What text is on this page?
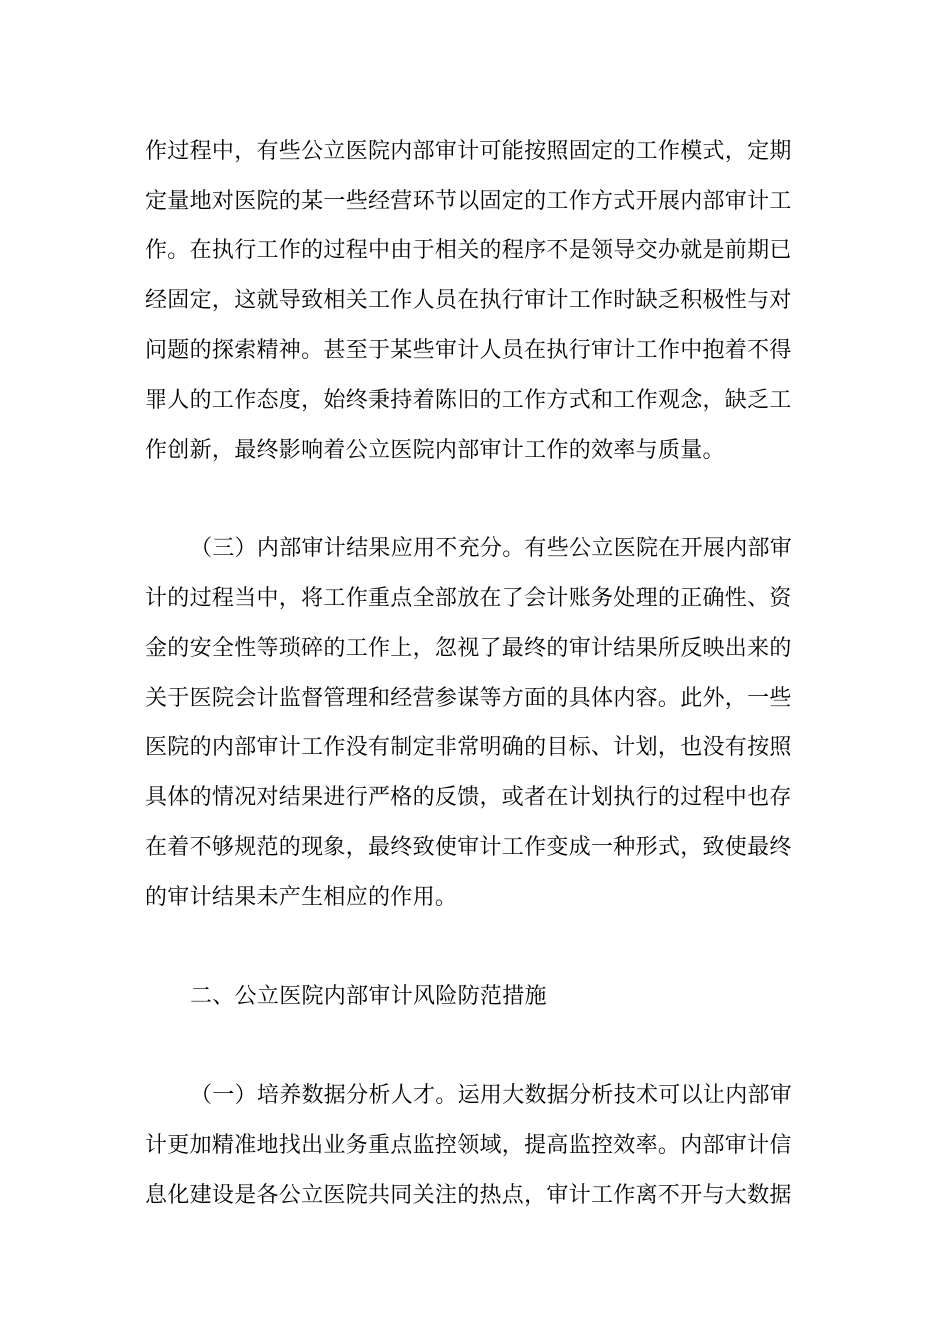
作过程中，有些公立医院内部审计可能按照固定的工作模式，定期
定量地对医院的某一些经营环节以固定的工作方式开展内部审计工
作。在执行工作的过程中由于相关的程序不是领导交办就是前期已
经固定，这就导致相关工作人员在执行审计工作时缺乏积极性与对
问题的探索精神。甚至于某些审计人员在执行审计工作中抱着不得
罪人的工作态度，始终秉持着陈旧的工作方式和工作观念，缺乏工
作创新，最终影响着公立医院内部审计工作的效率与质量。
（三）内部审计结果应用不充分。有些公立医院在开展内部审
计的过程当中，将工作重点全部放在了会计账务处理的正确性、资
金的安全性等琐碎的工作上，忽视了最终的审计结果所反映出来的
关于医院会计监督管理和经营参谋等方面的具体内容。此外，一些
医院的内部审计工作没有制定非常明确的目标、计划，也没有按照
具体的情况对结果进行严格的反馈，或者在计划执行的过程中也存
在着不够规范的现象，最终致使审计工作变成一种形式，致使最终
的审计结果未产生相应的作用。
二、公立医院内部审计风险防范措施
（一）培养数据分析人才。运用大数据分析技术可以让内部审
计更加精准地找出业务重点监控领域，提高监控效率。内部审计信
息化建设是各公立医院共同关注的热点，审计工作离不开与大数据
